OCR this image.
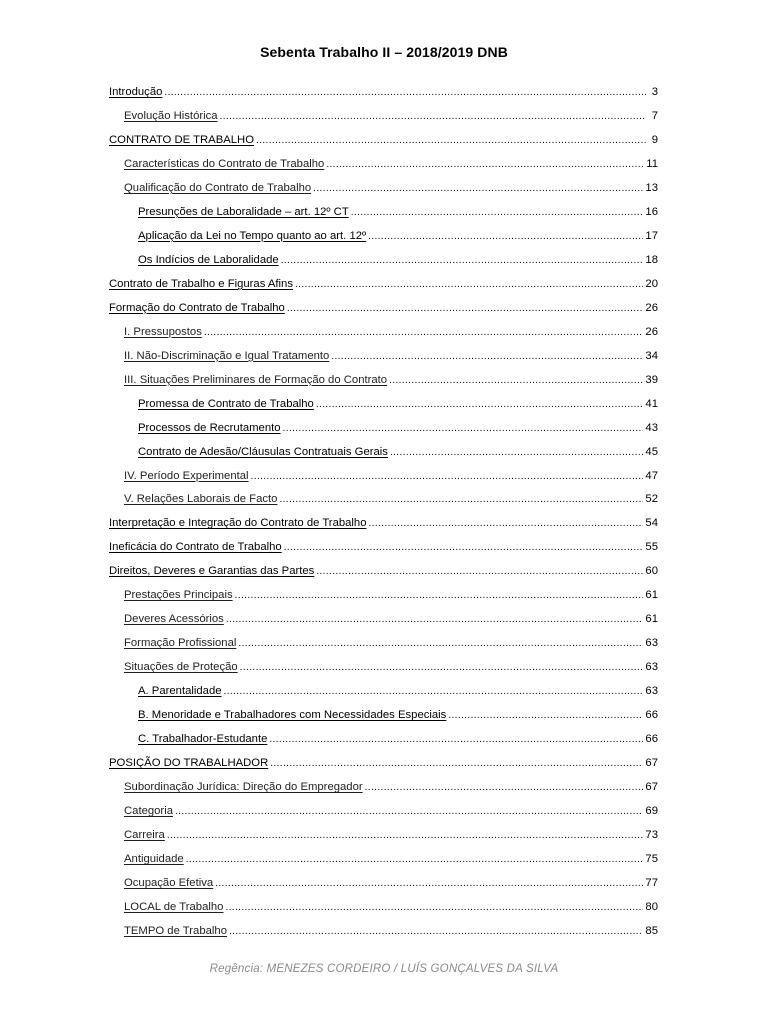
Sebenta Trabalho II – 2018/2019 DNB
Introdução .....	3
Evolução Histórica .....	7
CONTRATO DE TRABALHO .....	9
Características do Contrato de Trabalho .....	11
Qualificação do Contrato de Trabalho .....	13
Presunções de Laboralidade – art. 12º CT .....	16
Aplicação da Lei no Tempo quanto ao art. 12º .....	17
Os Indícios de Laboralidade .....	18
Contrato de Trabalho e Figuras Afins .....	20
Formação do Contrato de Trabalho .....	26
I. Pressupostos .....	26
II. Não-Discriminação e Igual Tratamento .....	34
III. Situações Preliminares de Formação do Contrato .....	39
Promessa de Contrato de Trabalho .....	41
Processos de Recrutamento .....	43
Contrato de Adesão/Cláusulas Contratuais Gerais .....	45
IV. Período Experimental .....	47
V. Relações Laborais de Facto .....	52
Interpretação e Integração do Contrato de Trabalho .....	54
Ineficácia do Contrato de Trabalho .....	55
Direitos, Deveres e Garantias das Partes .....	60
Prestações Principais .....	61
Deveres Acessórios .....	61
Formação Profissional .....	63
Situações de Proteção .....	63
A. Parentalidade .....	63
B. Menoridade e Trabalhadores com Necessidades Especiais .....	66
C. Trabalhador-Estudante .....	66
POSIÇÃO DO TRABALHADOR .....	67
Subordinação Jurídica: Direção do Empregador .....	67
Categoria .....	69
Carreira .....	73
Antiguidade .....	75
Ocupação Efetiva .....	77
LOCAL de Trabalho .....	80
TEMPO de Trabalho .....	85
Regência: MENEZES CORDEIRO / LUÍS GONÇALVES DA SILVA
